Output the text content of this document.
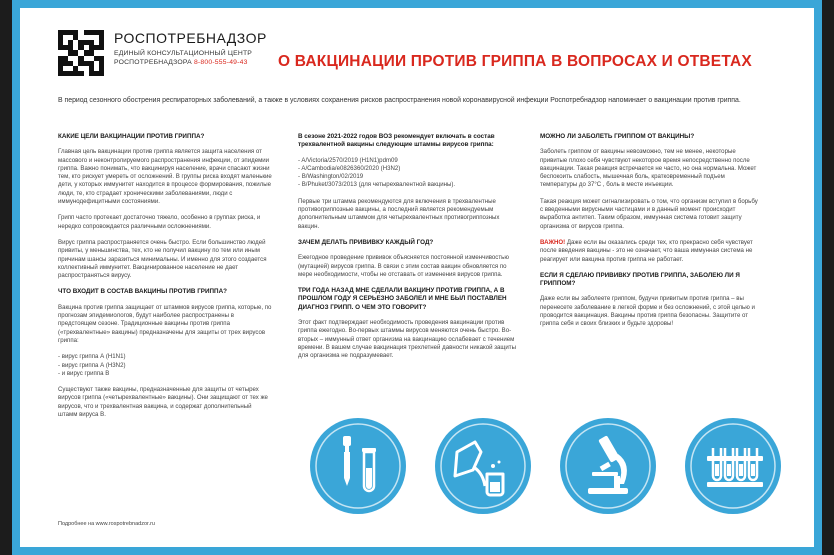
РОСПОТРЕБНАДЗОР
ЕДИНЫЙ КОНСУЛЬТАЦИОННЫЙ ЦЕНТР
РОСПОТРЕБНАДЗОРА 8-800-555-49-43	О ВАКЦИНАЦИИ ПРОТИВ ГРИППА В ВОПРОСАХ И ОТВЕТАХ
В период сезонного обострения респираторных заболеваний, а также в условиях сохранения рисков распространения новой коронавирусной инфекции Роспотребнадзор напоминает о вакцинации против гриппа.
КАКИЕ ЦЕЛИ ВАКЦИНАЦИИ ПРОТИВ ГРИППА?

Главная цель вакцинации против гриппа является защита населения от массового и неконтролируемого распространения инфекции, от эпидемии гриппа. Важно понимать, что вакцинируя население, врачи спасают жизни тем, кто рискует умереть от осложнений. В группы риска входят маленькие дети, у которых иммунитет находится в процессе формирования, пожилые люди, те, кто страдает хроническими заболеваниями, люди с иммунодефицитными состояниями.

Грипп часто протекает достаточно тяжело, особенно в группах риска, и нередко сопровождается различными осложнениями.

Вирус гриппа распространяется очень быстро. Если большинство людей привиты, у меньшинства, тех, кто не получил вакцину по тем или иным причинам шансы заразиться минимальны. И именно для этого создается коллективный иммунитет. Вакцинированное население не дает распространяться вирусу.

ЧТО ВХОДИТ В СОСТАВ ВАКЦИНЫ ПРОТИВ ГРИППА?

Вакцина против гриппа защищает от штаммов вирусов гриппа, которые, по прогнозам эпидемиологов, будут наиболее распространены в предстоящем сезоне. Традиционные вакцины против гриппа («трехвалентные» вакцины) предназначены для защиты от трех вирусов гриппа:

- вирус гриппа А (H1N1)
- вирус гриппа А (H3N2)
- и вирус гриппа В

Существуют также вакцины, предназначенные для защиты от четырех вирусов гриппа («четырехвалентные» вакцины). Они защищают от тех же вирусов, что и трехвалентная вакцина, и содержат дополнительный штамм вируса В.

В сезоне 2021-2022 годов ВОЗ рекомендует включать в состав трехвалентной вакцины следующие штаммы вирусов гриппа:
- A/Victoria/2570/2019 (H1N1)pdm09
- A/Cambodia/e0826360/2020 (H3N2)
- B/Washington/02/2019
- B/Phuket/3073/2013 (для четырехвалентной вакцины).

Первые три штамма рекомендуются для включения в трехвалентные противогриппозные вакцины, а последний является рекомендуемым дополнительным штаммом для четырехвалентных противогриппозных вакцин.

ЗАЧЕМ ДЕЛАТЬ ПРИВИВКУ КАЖДЫЙ ГОД?

Ежегодное проведение прививок объясняется постоянной изменчивостью (мутацией) вирусов гриппа. В связи с этим состав вакцин обновляется по мере необходимости, чтобы не отставать от изменения вирусов гриппа.

ТРИ ГОДА НАЗАД МНЕ СДЕЛАЛИ ВАКЦИНУ ПРОТИВ ГРИППА, А В ПРОШЛОМ ГОДУ Я СЕРЬЕЗНО ЗАБОЛЕЛ И МНЕ БЫЛ ПОСТАВЛЕН ДИАГНОЗ ГРИПП. О ЧЕМ ЭТО ГОВОРИТ?

Этот факт подтверждает необходимость проведения вакцинации против гриппа ежегодно. Во-первых штаммы вирусов меняются очень быстро. Во-вторых – иммунный ответ организма на вакцинацию ослабевает с течением времени. В вашем случае вакцинация трехлетней давности никакой защиты для организма не подразумевает.

МОЖНО ЛИ ЗАБОЛЕТЬ ГРИППОМ ОТ ВАКЦИНЫ?

Заболеть гриппом от вакцины невозможно, тем не менее, некоторые привитые плохо себя чувствуют некоторое время непосредственно после вакцинации. Такая реакция встречается не часто, но она нормальна. Может беспокоить слабость, мышечная боль, кратковременный подъем температуры до 37°С , боль в месте инъекции.

Такая реакция может сигнализировать о том, что организм вступил в борьбу с введенными вирусными частицами и в данный момент происходит выработка антител. Таким образом, иммунная система готовит защиту организма от вирусов гриппа.

ВАЖНО! Даже если вы оказались среди тех, кто прекрасно себя чувствует после введения вакцины - это не означает, что ваша иммунная система не реагирует или вакцина против гриппа не работает.

ЕСЛИ Я СДЕЛАЮ ПРИВИВКУ ПРОТИВ ГРИППА, ЗАБОЛЕЮ ЛИ Я ГРИППОМ?

Даже если вы заболеете гриппом, будучи привитым против гриппа – вы перенесете заболевание в легкой форме и без осложнений, с этой целью и проводится вакцинация. Вакцины против гриппа безопасны. Защитите от гриппа себя и своих близких и будьте здоровы!

Подробнее на www.rospotrebnadzor.ru
